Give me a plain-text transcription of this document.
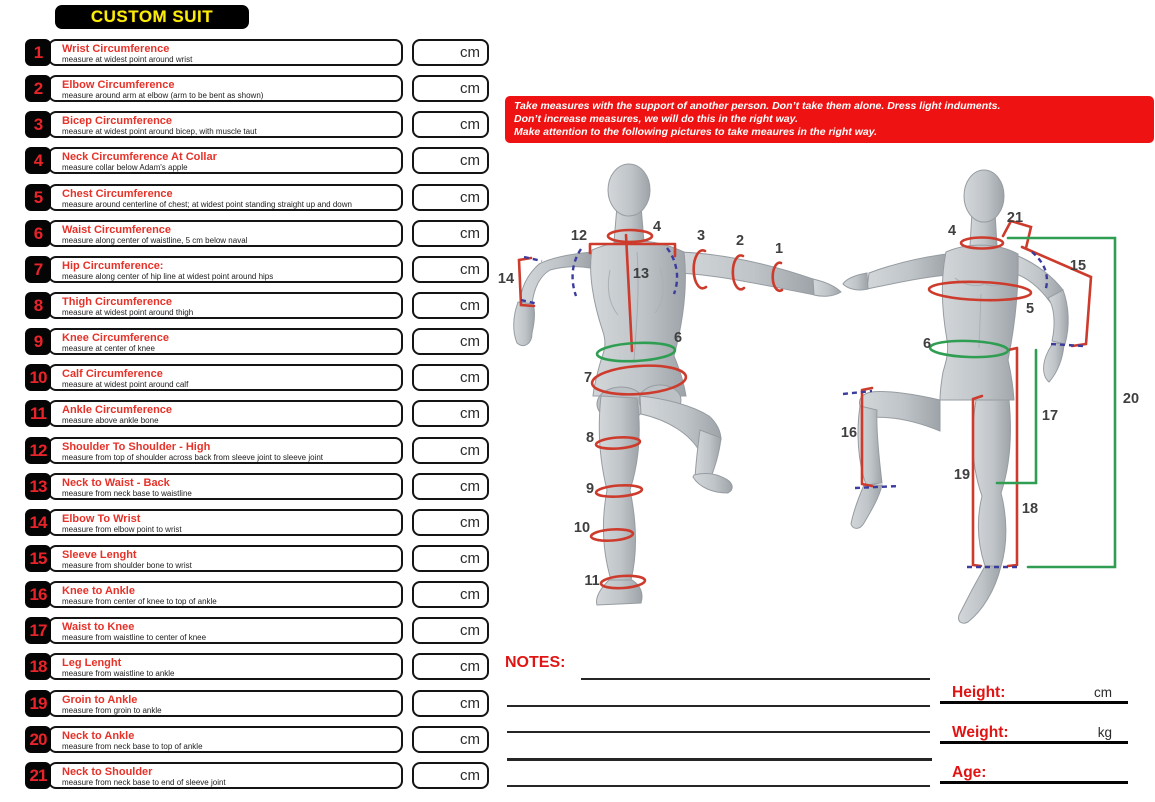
CUSTOM SUIT
1 Wrist Circumference
measure at widest point around wrist	cm
2 Elbow Circumference
measure around arm at elbow (arm to be bent as shown)	cm
3 Bicep Circumference
measure at widest point around bicep, with muscle taut	cm
4 Neck Circumference At Collar
measure collar below Adam's apple	cm
5 Chest Circumference
measure around centerline of chest; at widest point standing straight up and down	cm
6 Waist Circumference
measure along center of waistline, 5 cm below naval	cm
7 Hip Circumference:
measure along center of hip line at widest point around hips	cm
8 Thigh Circumference
measure at widest point around thigh	cm
9 Knee Circumference
measure at center of knee	cm
10 Calf Circumference
measure at widest point around calf	cm
11 Ankle Circumference
measure above ankle bone	cm
12 Shoulder To Shoulder - High
measure from top of shoulder across back from sleeve joint to sleeve joint	cm
13 Neck to Waist - Back
measure from neck base to waistline	cm
14 Elbow To Wrist
measure from elbow point to wrist	cm
15 Sleeve Lenght
measure from shoulder bone to wrist	cm
16 Knee to Ankle
measure from center of knee to top of ankle	cm
17 Waist to Knee
measure from waistline to center of knee	cm
18 Leg Lenght
measure from waistline to ankle	cm
19 Groin to Ankle
measure from groin to ankle	cm
20 Neck to Ankle
measure from neck base to top of ankle	cm
21 Neck to Shoulder
measure from neck base to end of sleeve joint	cm
Take measures with the support of another person. Don’t take them alone. Dress light induments.
Don’t increase measures, we will do this in the right way.
Make attention to the following pictures to take meaures in the right way.
12
4
13
3 2 1
14
6
7
8
9
10
11
4
21
15
5
6
16
17
19
18
20
NOTES:
Height:	cm
Weight:	kg
Age:
